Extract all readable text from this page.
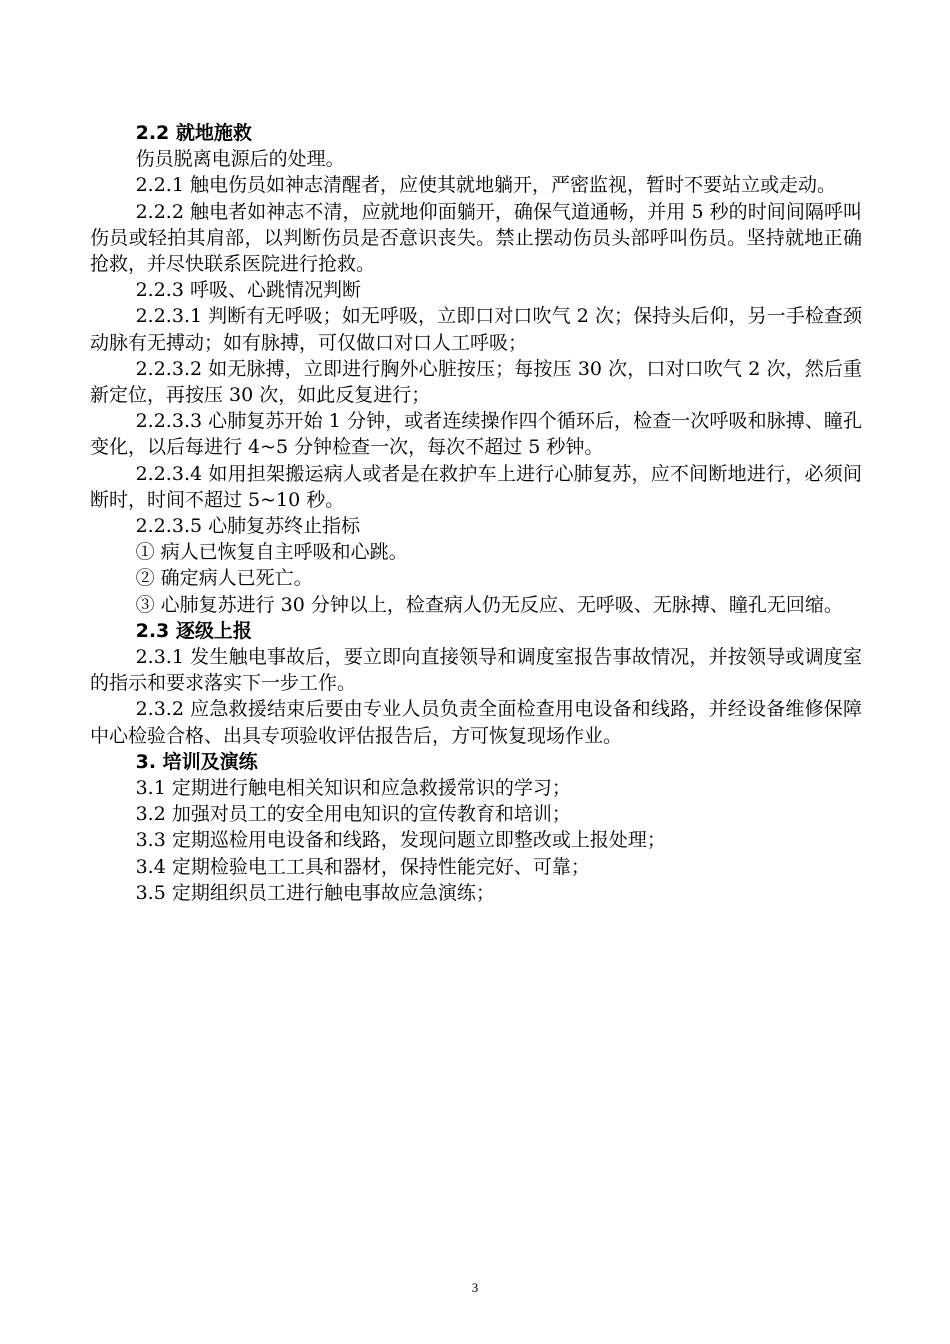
2.2 就地施救

伤员脱离电源后的处理。

2.2.1 触电伤员如神志清醒者，应使其就地躺开，严密监视，暂时不要站立或走动。

2.2.2 触电者如神志不清，应就地仰面躺开，确保气道通畅，并用 5 秒的时间间隔呼叫伤员或轻拍其肩部，以判断伤员是否意识丧失。禁止摆动伤员头部呼叫伤员。坚持就地正确抢救，并尽快联系医院进行抢救。

2.2.3 呼吸、心跳情况判断

2.2.3.1 判断有无呼吸；如无呼吸，立即口对口吹气 2 次；保持头后仰，另一手检查颈动脉有无搏动；如有脉搏，可仅做口对口人工呼吸；

2.2.3.2 如无脉搏，立即进行胸外心脏按压；每按压 30 次，口对口吹气 2 次，然后重新定位，再按压 30 次，如此反复进行；

2.2.3.3 心肺复苏开始 1 分钟，或者连续操作四个循环后，检查一次呼吸和脉搏、瞳孔变化，以后每进行 4~5 分钟检查一次，每次不超过 5 秒钟。

2.2.3.4 如用担架搬运病人或者是在救护车上进行心肺复苏，应不间断地进行，必须间断时，时间不超过 5~10 秒。

2.2.3.5 心肺复苏终止指标

① 病人已恢复自主呼吸和心跳。

② 确定病人已死亡。

③ 心肺复苏进行 30 分钟以上，检查病人仍无反应、无呼吸、无脉搏、瞳孔无回缩。

2.3 逐级上报

2.3.1 发生触电事故后，要立即向直接领导和调度室报告事故情况，并按领导或调度室的指示和要求落实下一步工作。

2.3.2 应急救援结束后要由专业人员负责全面检查用电设备和线路，并经设备维修保障中心检验合格、出具专项验收评估报告后，方可恢复现场作业。

3. 培训及演练

3.1 定期进行触电相关知识和应急救援常识的学习；

3.2 加强对员工的安全用电知识的宣传教育和培训；

3.3 定期巡检用电设备和线路，发现问题立即整改或上报处理；

3.4 定期检验电工工具和器材，保持性能完好、可靠；

3.5 定期组织员工进行触电事故应急演练；

3
